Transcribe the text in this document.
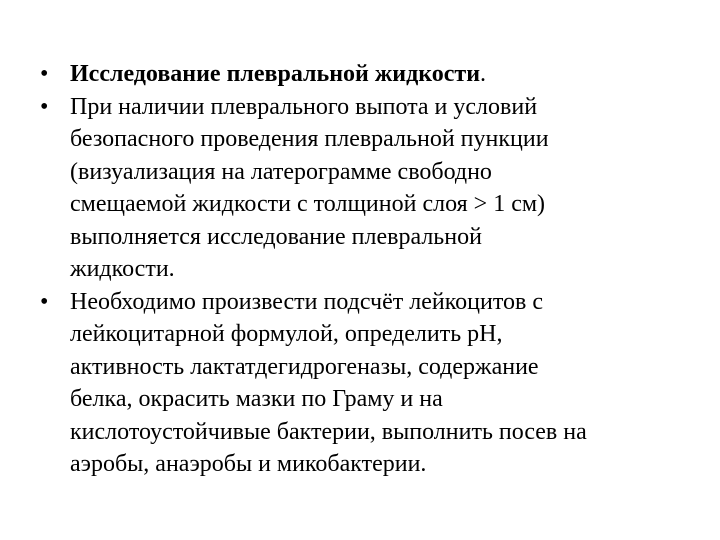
• Исследование плевральной жидкости.
• При наличии плеврального выпота и условий
безопасного проведения плевральной пункции
(визуализация на латерограмме свободно
смещаемой жидкости с толщиной слоя > 1 см)
выполняется исследование плевральной
жидкости.
• Необходимо произвести подсчёт лейкоцитов с
лейкоцитарной формулой, определить рН,
активность лактатдегидрогеназы, содержание
белка, окрасить мазки по Граму и на
кислотоустойчивые бактерии, выполнить посев на
аэробы, анаэробы и микобактерии.
